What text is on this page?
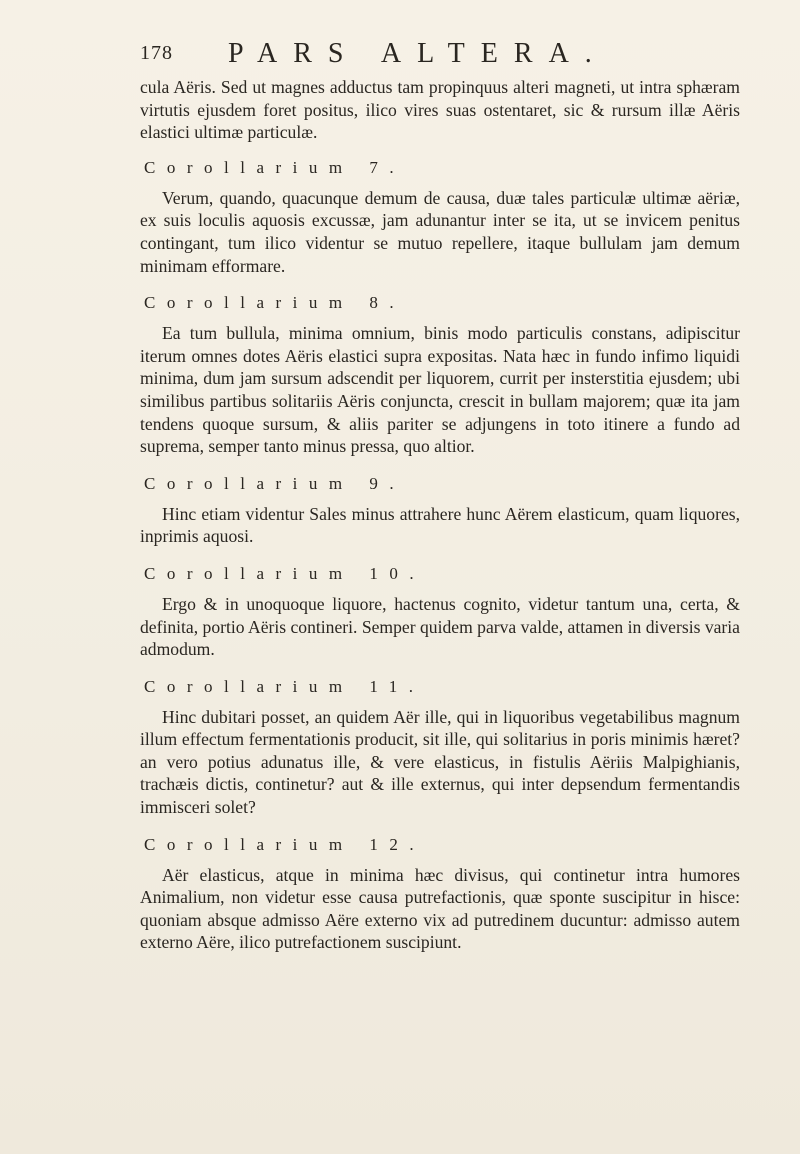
178 PARS ALTERA.

cula Aëris. Sed ut magnes adductus tam propinquus alteri magneti, ut intra sphæram virtutis ejusdem foret positus, ilico vires suas ostentaret, sic & rursum illæ Aëris elastici ultimæ particulæ.

Corollarium 7.

Verum, quando, quacunque demum de causa, duæ tales particulæ ultimæ aëriæ, ex suis loculis aquosis excussæ, jam adunantur inter se ita, ut se invicem penitus contingant, tum ilico videntur se mutuo repellere, itaque bullulam jam demum minimam efformare.

Corollarium 8.

Ea tum bullula, minima omnium, binis modo particulis constans, adipiscitur iterum omnes dotes Aëris elastici supra expositas. Nata hæc in fundo infimo liquidi minima, dum jam sursum adscendit per liquorem, currit per insterstitia ejusdem; ubi similibus partibus solitariis Aëris conjuncta, crescit in bullam majorem; quæ ita jam tendens quoque sursum, & aliis pariter se adjungens in toto itinere a fundo ad suprema, semper tanto minus pressa, quo altior.

Corollarium 9.

Hinc etiam videntur Sales minus attrahere hunc Aërem elasticum, quam liquores, inprimis aquosi.

Corollarium 10.

Ergo & in unoquoque liquore, hactenus cognito, videtur tantum una, certa, & definita, portio Aëris contineri. Semper quidem parva valde, attamen in diversis varia admodum.

Corollarium 11.

Hinc dubitari posset, an quidem Aër ille, qui in liquoribus vegetabilibus magnum illum effectum fermentationis producit, sit ille, qui solitarius in poris minimis hæret? an vero potius adunatus ille, & vere elasticus, in fistulis Aëriis Malpighianis, trachæis dictis, continetur? aut & ille externus, qui inter depsendum fermentandis immisceri solet?

Corollarium 12.

Aër elasticus, atque in minima hæc divisus, qui continetur intra humores Animalium, non videtur esse causa putrefactionis, quæ sponte suscipitur in hisce: quoniam absque admisso Aëre externo vix ad putredinem ducuntur: admisso autem externo Aëre, ilico putrefactionem suscipiunt.
